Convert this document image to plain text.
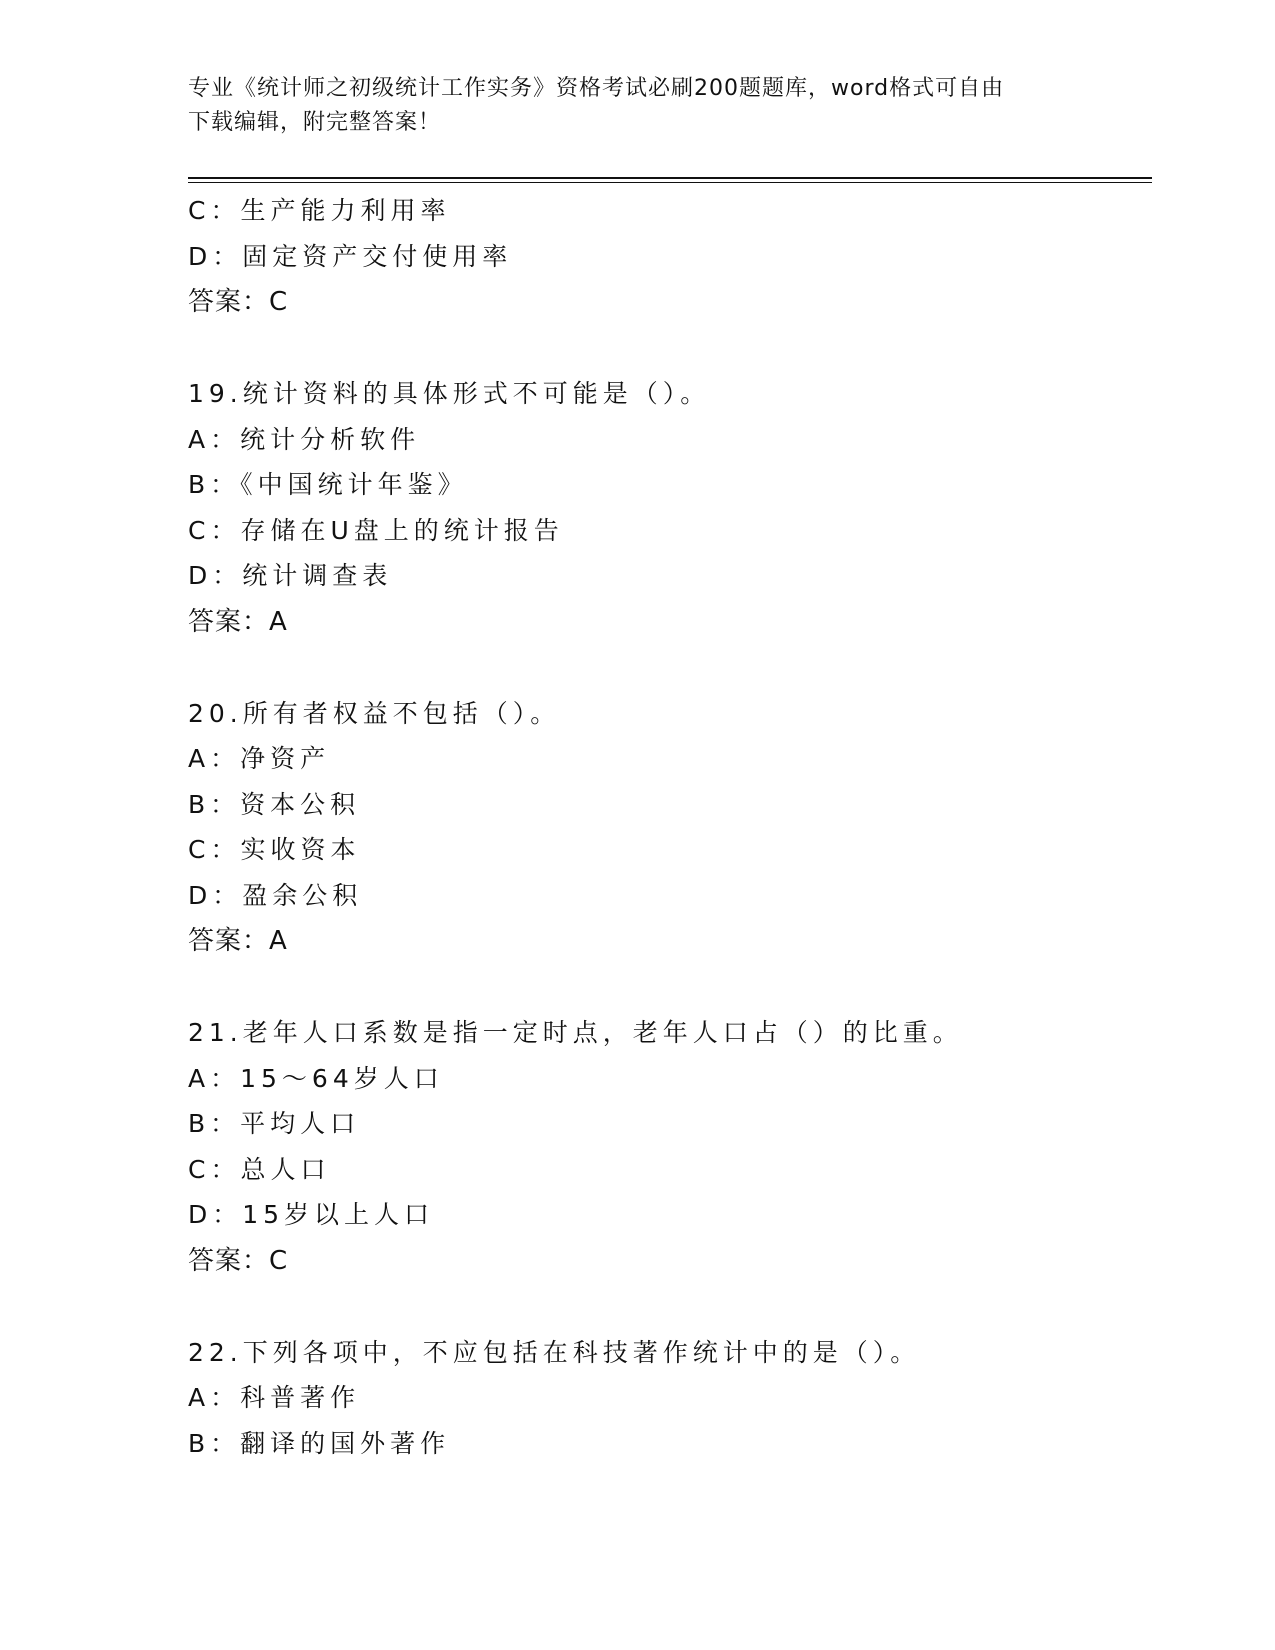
专业《统计师之初级统计工作实务》资格考试必刷200题题库，word格式可自由
下载编辑，附完整答案！
C：生产能力利用率
D：固定资产交付使用率
答案：C
19.统计资料的具体形式不可能是（）。
A：统计分析软件
B：《中国统计年鉴》
C：存储在U盘上的统计报告
D：统计调查表
答案：A
20.所有者权益不包括（）。
A：净资产
B：资本公积
C：实收资本
D：盈余公积
答案：A
21.老年人口系数是指一定时点，老年人口占（）的比重。
A：15～64岁人口
B：平均人口
C：总人口
D：15岁以上人口
答案：C
22.下列各项中，不应包括在科技著作统计中的是（）。
A：科普著作
B：翻译的国外著作
